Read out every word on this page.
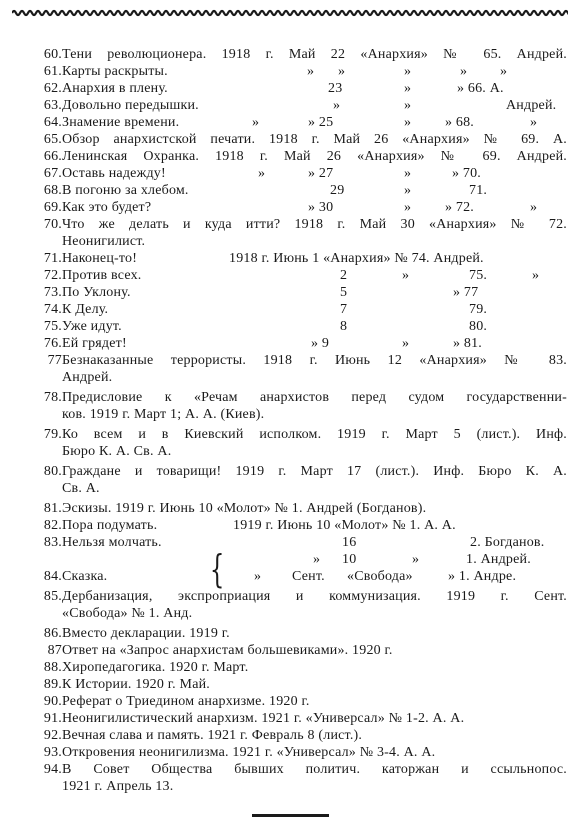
60. Тени революционера. 1918 г. Май 22 «Анархия» № 65. Андрей.
61. Карты раскрыты.	» »	»	» »
62. Анархия в плену.	23	»	» 66. А.
63. Довольно передышки.	»	»	Андрей.
64. Знамение времени.	»	» 25	» » 68.	»
65. Обзор анархистской печати. 1918 г. Май 26 «Анархия» № 69. А.
66. Ленинская Охранка. 1918 г. Май 26 «Анархия» № 69. Андрей.
67. Оставь надежду!	»	» 27	»	» 70.
68. В погоню за хлебом.	29	»	71.
69. Как это будет?	» 30	» » 72.	»
70. Что же делать и куда итти? 1918 г. Май 30 «Анархия» № 72.
Неонигилист.
71. Наконец-то!	1918 г. Июнь 1 «Анархия» № 74. Андрей.
72. Против всех.	2	»	75.	»
73. По Уклону.	5	» 77
74. К Делу.	7	79.
75. Уже идут.	8	80.
76. Ей грядет!	» 9	»	» 81.
77 Безнаказанные террористы. 1918 г. Июнь 12 «Анархия» № 83.
Андрей.
78. Предисловие к «Речам анархистов перед судом государственни-
ков. 1919 г. Март 1; А. А. (Киев).
79. Ко всем и в Киевский исполком. 1919 г. Март 5 (лист.). Инф.
Бюро К. А. Св. А.
80. Граждане и товарищи! 1919 г. Март 17 (лист.). Инф. Бюро К. А.
Св. А.
81. Эскизы. 1919 г. Июнь 10 «Молот» № 1. Андрей (Богданов).
82. Пора подумать.	1919 г. Июнь 10 «Молот» № 1. А. А.
83. Нельзя молчать.	16	2. Богданов.
» 10	»	1. Андрей.
84. Сказка.	{ » Сент. «Свобода»	» 1. Андре.
85. Дербанизация, экспроприация и коммунизация. 1919 г. Сент.
«Свобода» № 1. Анд.
86. Вместо декларации. 1919 г.
87 Ответ на «Запрос анархистам большевиками». 1920 г.
88. Хиропедагогика. 1920 г. Март.
89. К Истории. 1920 г. Май.
90. Реферат о Триедином анархизме. 1920 г.
91. Неонигилистический анархизм. 1921 г. «Универсал» № 1-2. А. А.
92. Вечная слава и память. 1921 г. Февраль 8 (лист.).
93. Откровения неонигилизма. 1921 г. «Универсал» № 3-4. А. А.
94. В Совет Общества бывших политич. каторжан и ссыльнопос.
1921 г. Апрель 13.
